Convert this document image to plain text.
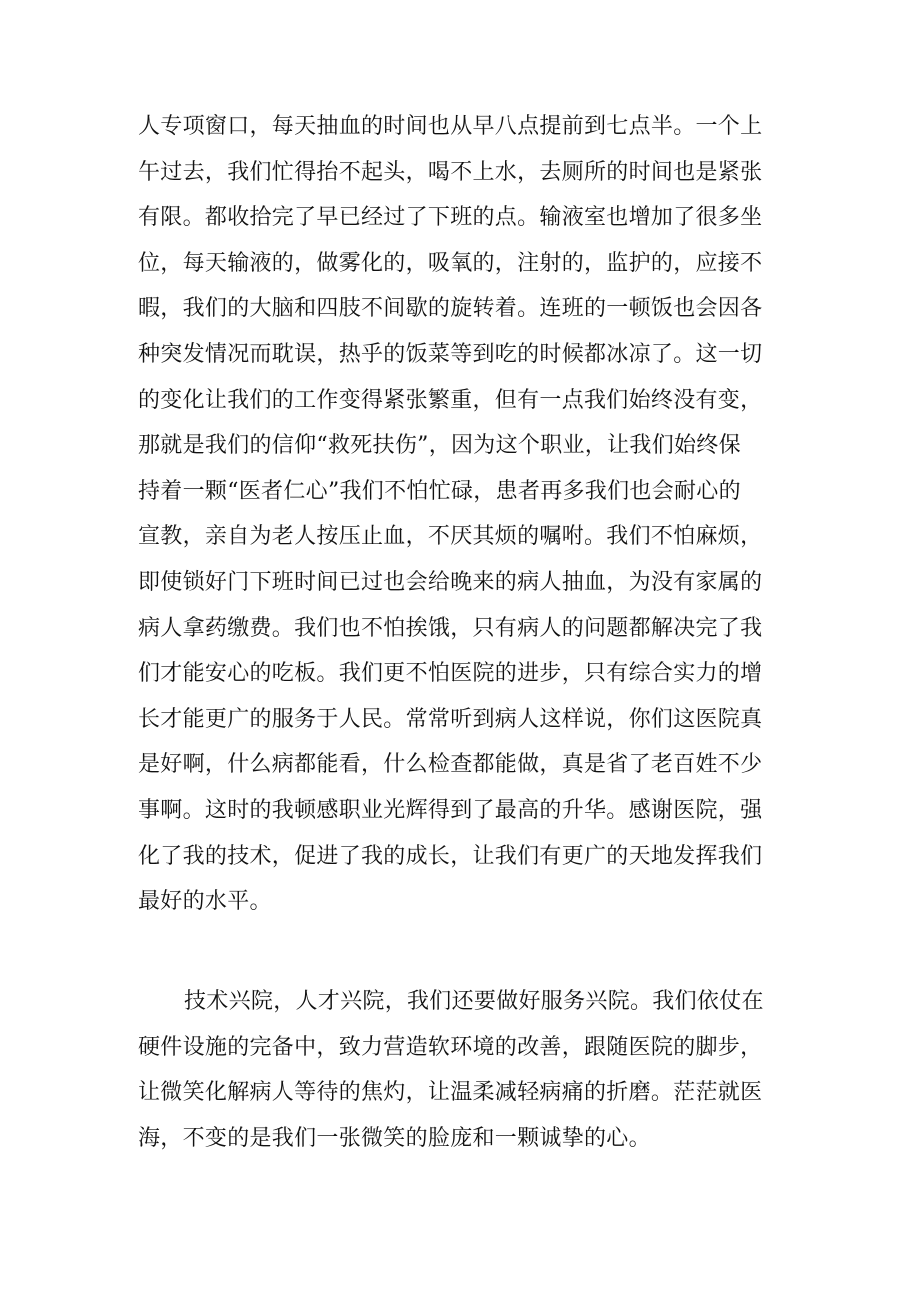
人专项窗口，每天抽血的时间也从早八点提前到七点半。一个上
午过去，我们忙得抬不起头，喝不上水，去厕所的时间也是紧张
有限。都收拾完了早已经过了下班的点。输液室也增加了很多坐
位，每天输液的，做雾化的，吸氧的，注射的，监护的，应接不
暇，我们的大脑和四肢不间歇的旋转着。连班的一顿饭也会因各
种突发情况而耽误，热乎的饭菜等到吃的时候都冰凉了。这一切
的变化让我们的工作变得紧张繁重，但有一点我们始终没有变，
那就是我们的信仰“救死扶伤”，因为这个职业，让我们始终保
持着一颗“医者仁心”我们不怕忙碌，患者再多我们也会耐心的
宣教，亲自为老人按压止血，不厌其烦的嘱咐。我们不怕麻烦，
即使锁好门下班时间已过也会给晚来的病人抽血，为没有家属的
病人拿药缴费。我们也不怕挨饿，只有病人的问题都解决完了我
们才能安心的吃板。我们更不怕医院的进步，只有综合实力的增
长才能更广的服务于人民。常常听到病人这样说，你们这医院真
是好啊，什么病都能看，什么检查都能做，真是省了老百姓不少
事啊。这时的我顿感职业光辉得到了最高的升华。感谢医院，强
化了我的技术，促进了我的成长，让我们有更广的天地发挥我们
最好的水平。
技术兴院，人才兴院，我们还要做好服务兴院。我们依仗在
硬件设施的完备中，致力营造软环境的改善，跟随医院的脚步，
让微笑化解病人等待的焦灼，让温柔减轻病痛的折磨。茫茫就医
海，不变的是我们一张微笑的脸庞和一颗诚挚的心。
